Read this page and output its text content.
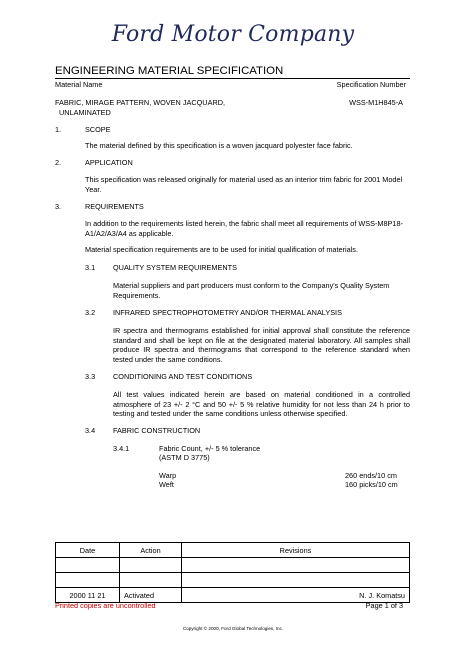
Ford Motor Company
ENGINEERING MATERIAL SPECIFICATION
Material Name	Specification Number
FABRIC, MIRAGE PATTERN, WOVEN JACQUARD,
UNLAMINATED
WSS-M1H845-A
1.	SCOPE
The material defined by this specification is a woven jacquard polyester face fabric.
2.	APPLICATION
This specification was released originally for material used as an interior trim fabric for 2001 Model Year.
3.	REQUIREMENTS
In addition to the requirements listed herein, the fabric shall meet all requirements of WSS-M8P18-A1/A2/A3/A4 as applicable.
Material specification requirements are to be used for initial qualification of materials.
3.1 QUALITY SYSTEM REQUIREMENTS
Material suppliers and part producers must conform to the Company's Quality System Requirements.
3.2 INFRARED SPECTROPHOTOMETRY AND/OR THERMAL ANALYSIS
IR spectra and thermograms established for initial approval shall constitute the reference standard and shall be kept on file at the designated material laboratory. All samples shall produce IR spectra and thermograms that correspond to the reference standard when tested under the same conditions.
3.3 CONDITIONING AND TEST CONDITIONS
All test values indicated herein are based on material conditioned in a controlled atmosphere of 23 +/- 2 °C and 50 +/- 5 % relative humidity for not less than 24 h prior to testing and tested under the same conditions unless otherwise specified.
3.4 FABRIC CONSTRUCTION
3.4.1	Fabric Count, +/- 5 % tolerance
(ASTM D 3775)
Warp	260 ends/10 cm
Weft	160 picks/10 cm
Date	Action	Revisions

2000 11 21	Activated	N. J. Komatsu
Printed copies are uncontrolled	Page 1 of 3
Copyright © 2000, Ford Global Technologies, Inc.
